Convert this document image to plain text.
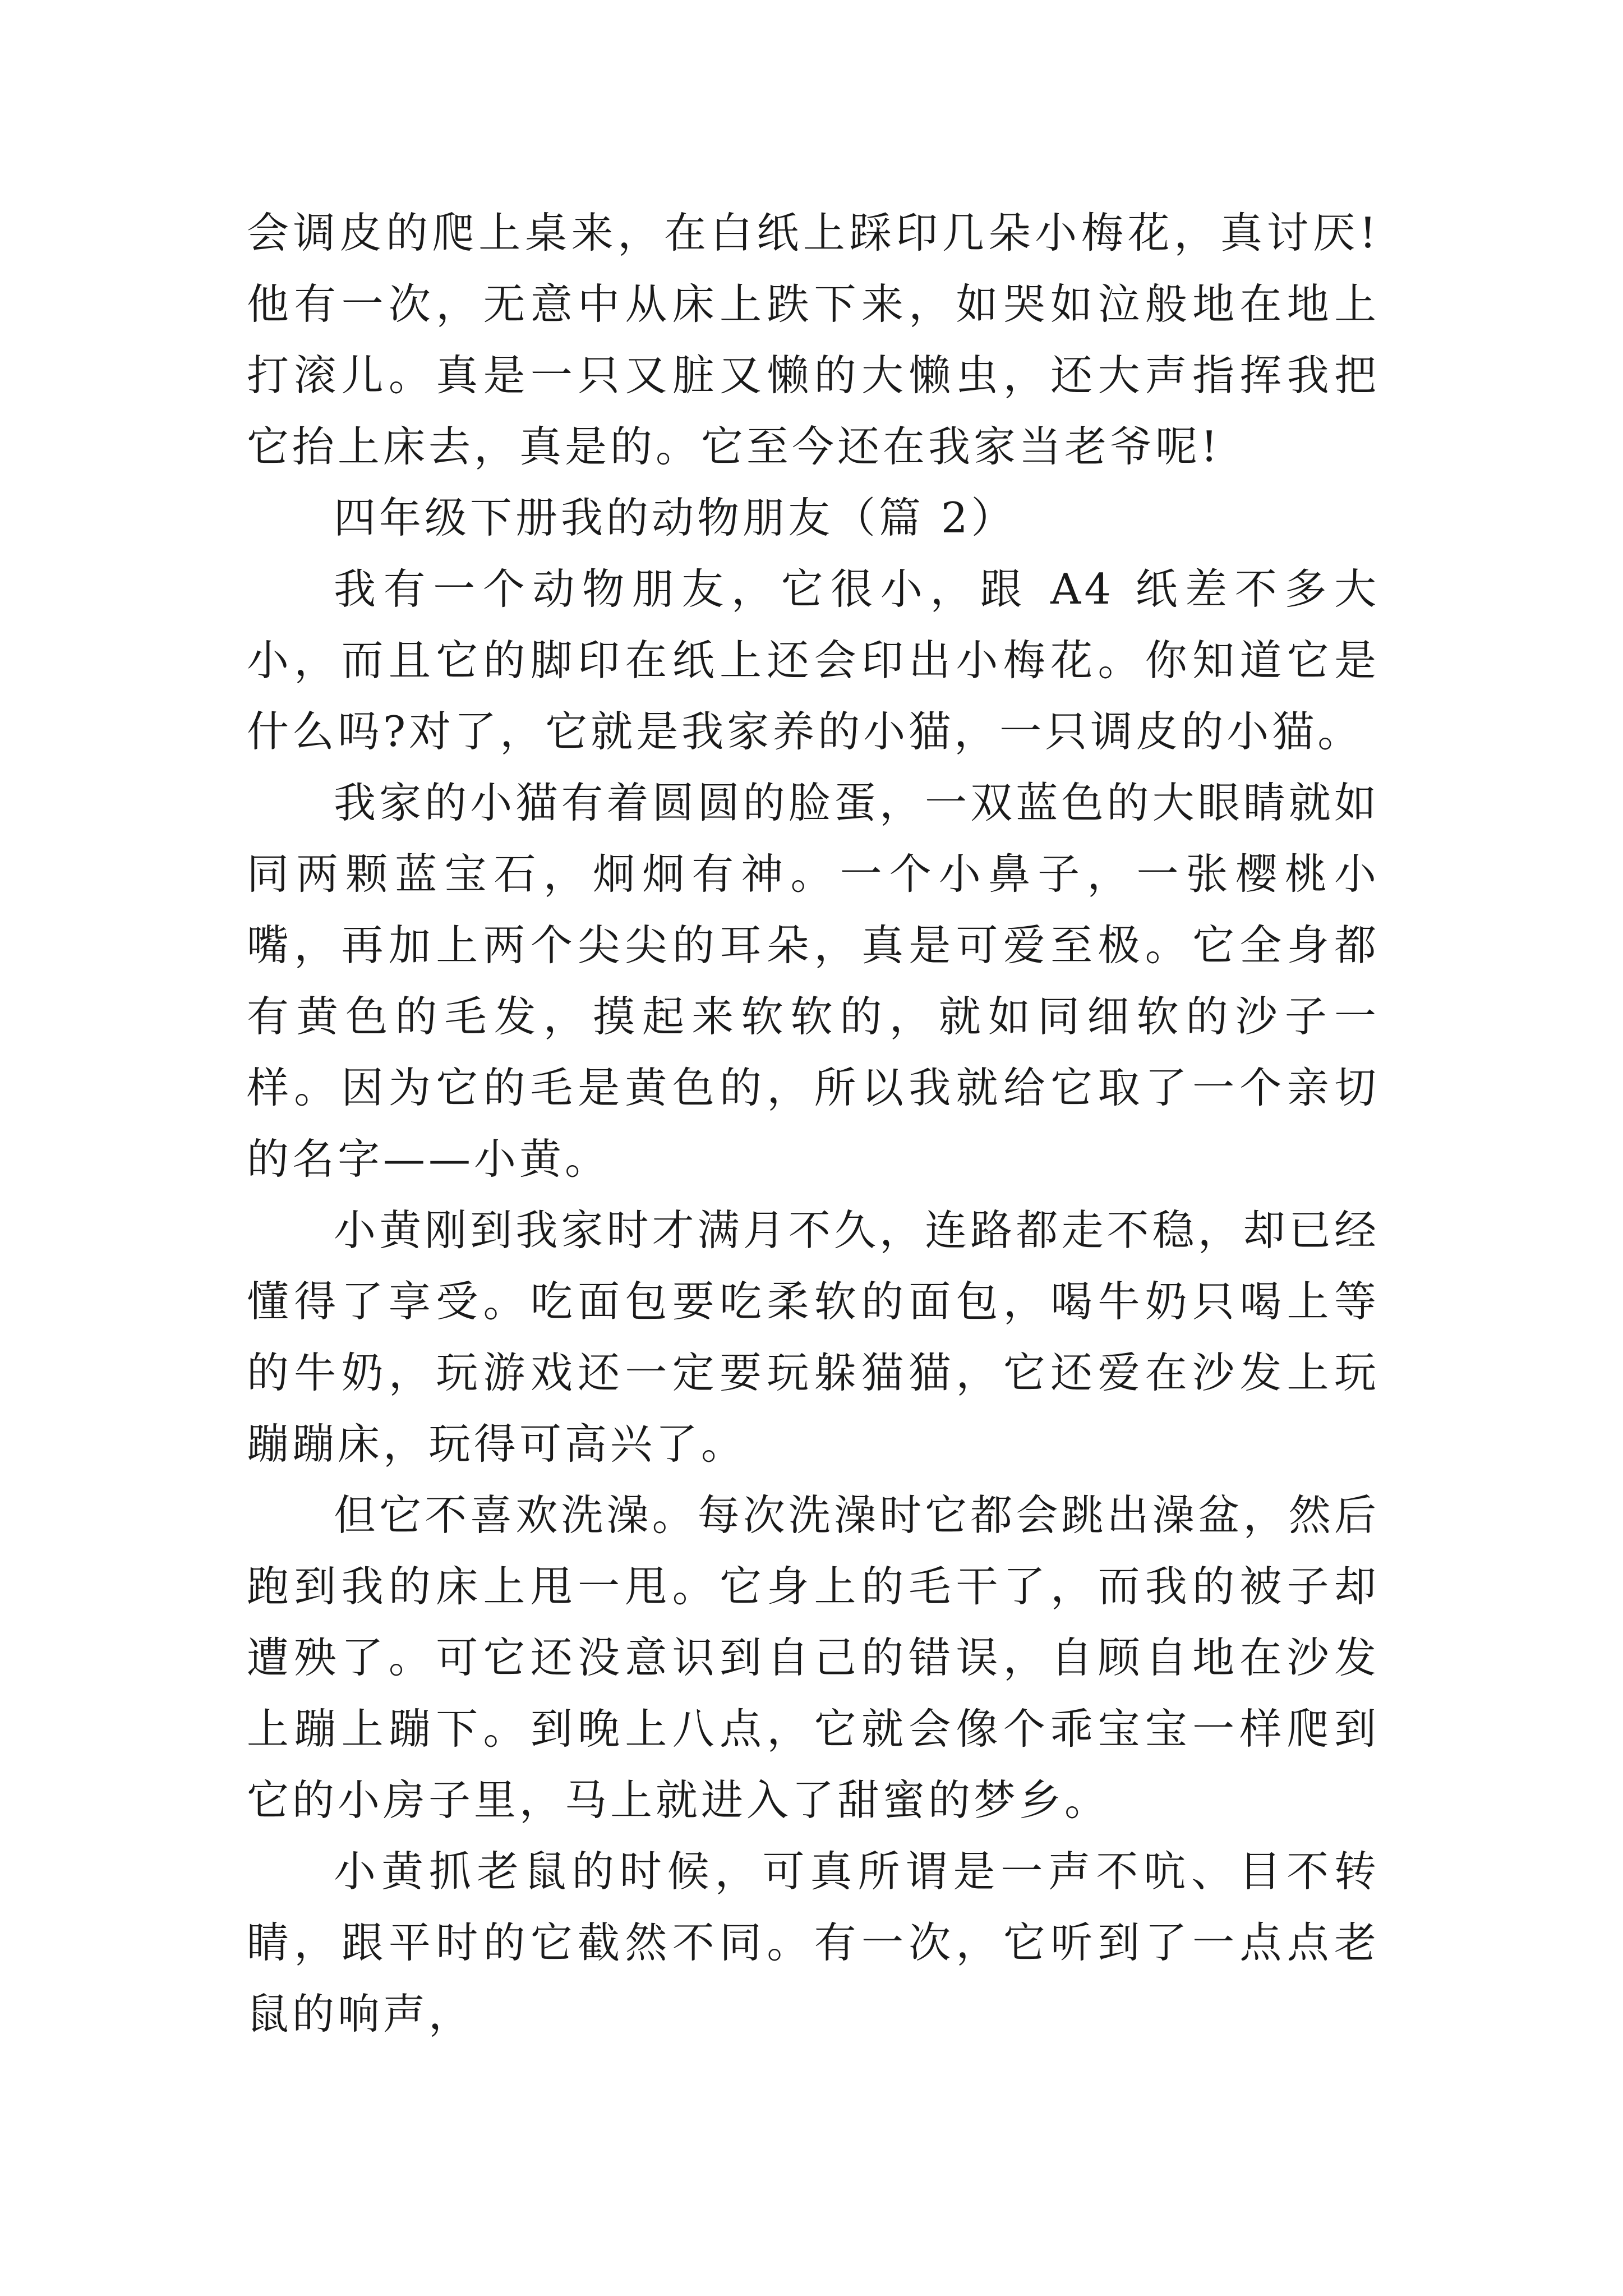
会调皮的爬上桌来，在白纸上踩印几朵小梅花，真讨厌!他有一次，无意中从床上跌下来，如哭如泣般地在地上打滚儿。真是一只又脏又懒的大懒虫，还大声指挥我把它抬上床去，真是的。它至今还在我家当老爷呢!

四年级下册我的动物朋友（篇 2）

我有一个动物朋友，它很小，跟 A4 纸差不多大小，而且它的脚印在纸上还会印出小梅花。你知道它是什么吗?对了，它就是我家养的小猫，一只调皮的小猫。

我家的小猫有着圆圆的脸蛋，一双蓝色的大眼睛就如同两颗蓝宝石，炯炯有神。一个小鼻子，一张樱桃小嘴，再加上两个尖尖的耳朵，真是可爱至极。它全身都有黄色的毛发，摸起来软软的，就如同细软的沙子一样。因为它的毛是黄色的，所以我就给它取了一个亲切的名字——小黄。

小黄刚到我家时才满月不久，连路都走不稳，却已经懂得了享受。吃面包要吃柔软的面包，喝牛奶只喝上等的牛奶，玩游戏还一定要玩躲猫猫，它还爱在沙发上玩蹦蹦床，玩得可高兴了。

但它不喜欢洗澡。每次洗澡时它都会跳出澡盆，然后跑到我的床上甩一甩。它身上的毛干了，而我的被子却遭殃了。可它还没意识到自己的错误，自顾自地在沙发上蹦上蹦下。到晚上八点，它就会像个乖宝宝一样爬到它的小房子里，马上就进入了甜蜜的梦乡。

小黄抓老鼠的时候，可真所谓是一声不吭、目不转睛，跟平时的它截然不同。有一次，它听到了一点点老鼠的响声，
